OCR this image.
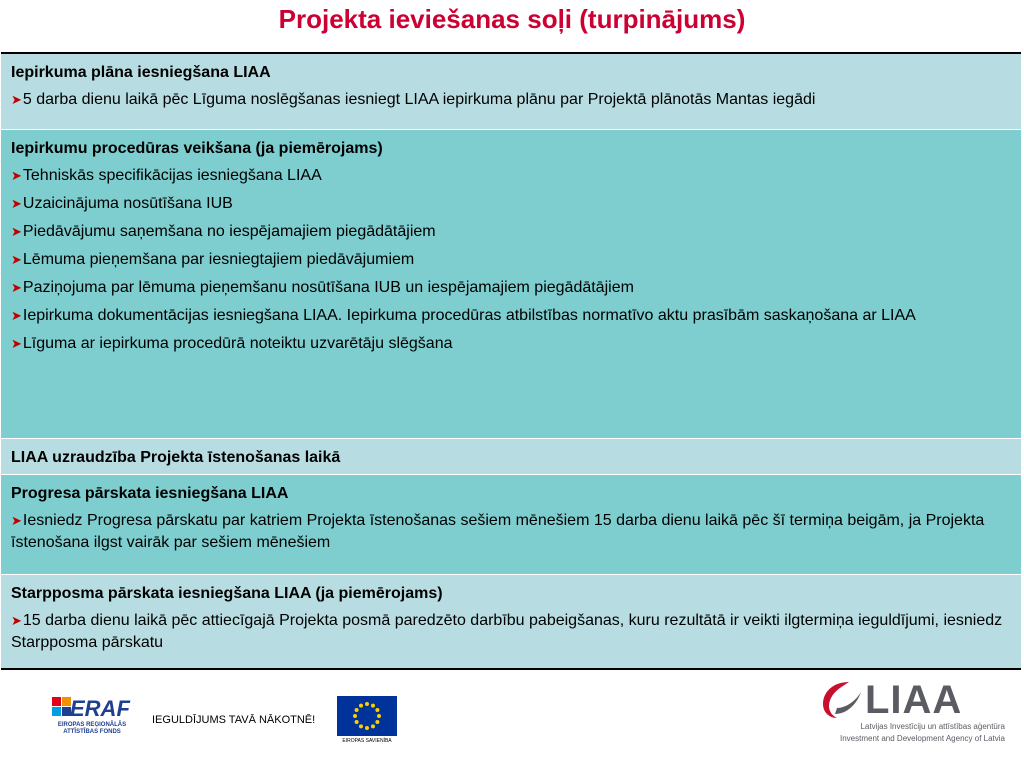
Projekta ieviešanas soļi (turpinājums)
Iepirkuma plāna iesniegšana LIAA
➤5 darba dienu laikā pēc Līguma noslēgšanas iesniegt LIAA iepirkuma plānu par Projektā plānotās Mantas iegādi
Iepirkumu procedūras veikšana (ja piemērojams)
➤Tehniskās specifikācijas iesniegšana LIAA
➤Uzaicinājuma nosūtīšana IUB
➤Piedāvājumu saņemšana no iespējamajiem piegādātājiem
➤Lēmuma pieņemšana par iesniegtajiem piedāvājumiem
➤Paziņojuma par lēmuma pieņemšanu nosūtīšana IUB un iespējamajiem piegādātājiem
➤Iepirkuma dokumentācijas iesniegšana LIAA. Iepirkuma procedūras atbilstības normatīvo aktu prasībām saskaņošana ar LIAA
➤Līguma ar iepirkuma procedūrā noteiktu uzvarētāju slēgšana
LIAA uzraudzība Projekta īstenošanas laikā
Progresa pārskata iesniegšana LIAA
➤Iesniedz Progresa pārskatu par katriem Projekta īstenošanas sešiem mēnešiem 15 darba dienu laikā pēc šī termiņa beigām, ja Projekta īstenošana ilgst vairāk par sešiem mēnešiem
Starpposma pārskata iesniegšana LIAA (ja piemērojams)
➤15 darba dienu laikā pēc attiecīgajā Projekta posmā paredzēto darbību pabeigšanas, kuru rezultātā ir veikti ilgtermiņa ieguldījumi, iesniedz Starpposma pārskatu
ERAF
EIROPAS REĢIONĀLĀS ATTĪSTĪBAS FONDS
IEGULDĪJUMS TAVĀ NĀKOTNĒ!
EIROPAS SAVIENĪBA
LIAA
Latvijas Investīciju un attīstības aģentūra
Investment and Development Agency of Latvia
